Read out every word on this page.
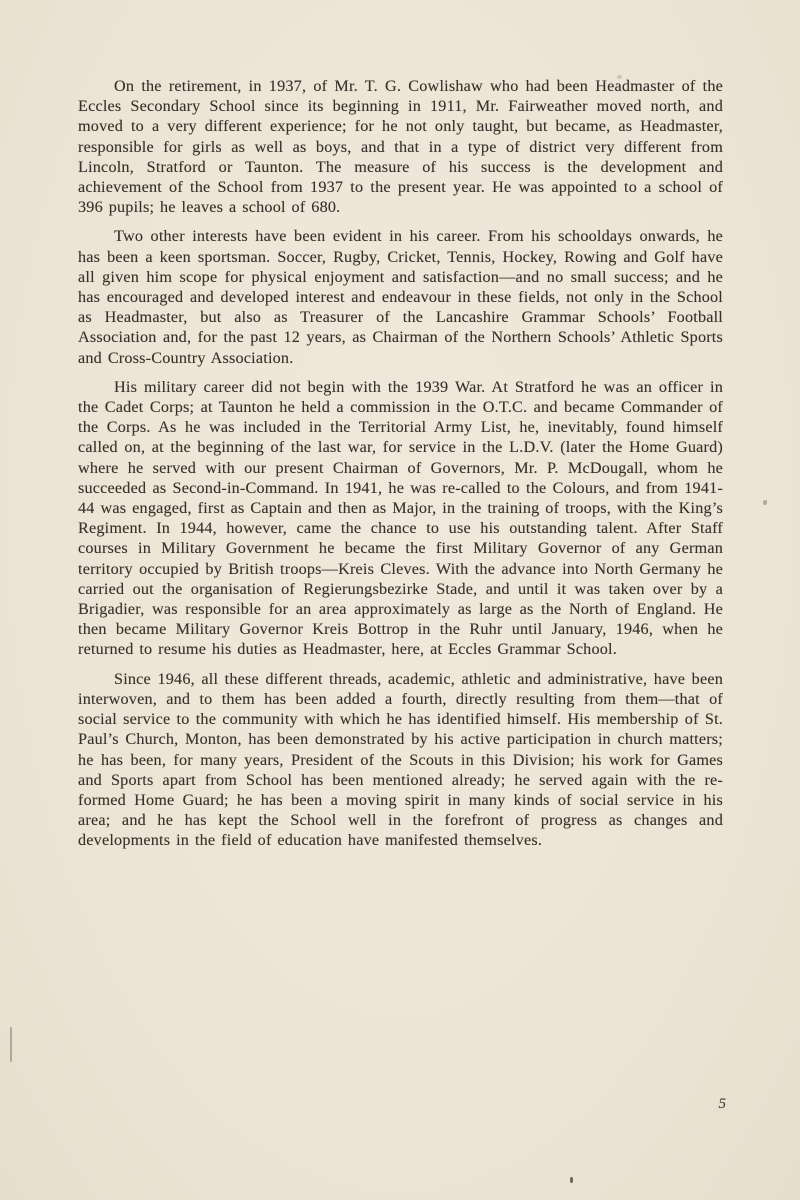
On the retirement, in 1937, of Mr. T. G. Cowlishaw who had been Headmaster of the Eccles Secondary School since its beginning in 1911, Mr. Fairweather moved north, and moved to a very different experience; for he not only taught, but became, as Headmaster, responsible for girls as well as boys, and that in a type of district very different from Lincoln, Stratford or Taunton. The measure of his success is the development and achievement of the School from 1937 to the present year. He was appointed to a school of 396 pupils; he leaves a school of 680.

Two other interests have been evident in his career. From his schooldays onwards, he has been a keen sportsman. Soccer, Rugby, Cricket, Tennis, Hockey, Rowing and Golf have all given him scope for physical enjoyment and satisfaction—and no small success; and he has encouraged and developed interest and endeavour in these fields, not only in the School as Headmaster, but also as Treasurer of the Lancashire Grammar Schools’ Football Association and, for the past 12 years, as Chairman of the Northern Schools’ Athletic Sports and Cross-Country Association.

His military career did not begin with the 1939 War. At Stratford he was an officer in the Cadet Corps; at Taunton he held a commission in the O.T.C. and became Commander of the Corps. As he was included in the Territorial Army List, he, inevitably, found himself called on, at the beginning of the last war, for service in the L.D.V. (later the Home Guard) where he served with our present Chairman of Governors, Mr. P. McDougall, whom he succeeded as Second-in-Command. In 1941, he was re-called to the Colours, and from 1941-44 was engaged, first as Captain and then as Major, in the training of troops, with the King’s Regiment. In 1944, however, came the chance to use his outstanding talent. After Staff courses in Military Government he became the first Military Governor of any German territory occupied by British troops—Kreis Cleves. With the advance into North Germany he carried out the organisation of Regierungsbezirke Stade, and until it was taken over by a Brigadier, was responsible for an area approximately as large as the North of England. He then became Military Governor Kreis Bottrop in the Ruhr until January, 1946, when he returned to resume his duties as Headmaster, here, at Eccles Grammar School.

Since 1946, all these different threads, academic, athletic and administrative, have been interwoven, and to them has been added a fourth, directly resulting from them—that of social service to the community with which he has identified himself. His membership of St. Paul’s Church, Monton, has been demonstrated by his active participation in church matters; he has been, for many years, President of the Scouts in this Division; his work for Games and Sports apart from School has been mentioned already; he served again with the re-formed Home Guard; he has been a moving spirit in many kinds of social service in his area; and he has kept the School well in the forefront of progress as changes and developments in the field of education have manifested themselves.

5
